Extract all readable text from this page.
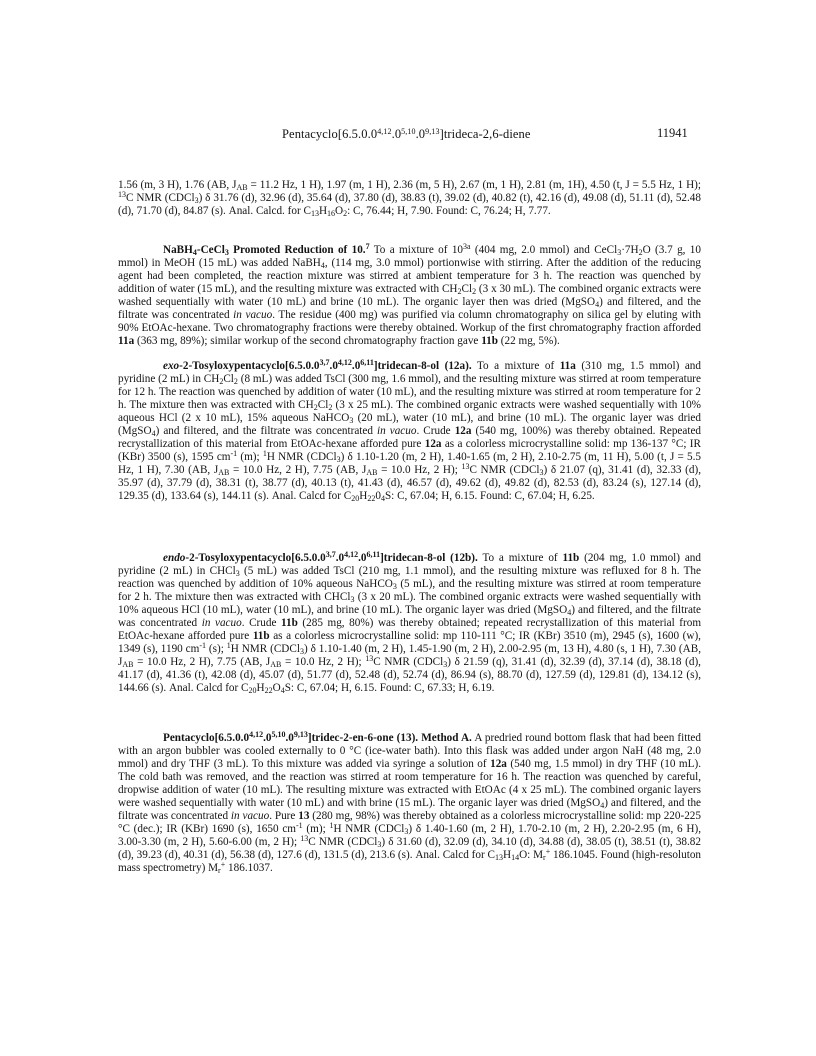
Pentacyclo[6.5.0.0$^{4,12}$.0$^{5,10}$.0$^{9,13}$]trideca-2,6-diene	11941

1.56 (m, 3 H), 1.76 (AB, $J_{AB} = 11.2$ Hz, 1 H), 1.97 (m, 1 H), 2.36 (m, 5 H), 2.67 (m, 1 H), 2.81 (m, 1H), 4.50 (t, J = 5.5 Hz, 1 H); $^{13}$C NMR (CDCl$_3$) δ 31.76 (d), 32.96 (d), 35.64 (d), 37.80 (d), 38.83 (t), 39.02 (d), 40.82 (t), 42.16 (d), 49.08 (d), 51.11 (d), 52.48 (d), 71.70 (d), 84.87 (s). Anal. Calcd. for $C_{13}H_{16}O_2$: C, 76.44; H, 7.90. Found: C, 76.24; H, 7.77.

NaBH$_4$-CeCl$_3$ Promoted Reduction of 10.$^7$ To a mixture of $10^{3a}$ (404 mg, 2.0 mmol) and $CeCl_3\cdot 7H_2O$ (3.7 g, 10 mmol) in MeOH (15 mL) was added NaBH$_4$, (114 mg, 3.0 mmol) portionwise with stirring. After the addition of the reducing agent had been completed, the reaction mixture was stirred at ambient temperature for 3 h. The reaction was quenched by addition of water (15 mL), and the resulting mixture was extracted with $CH_2Cl_2$ (3 x 30 mL). The combined organic extracts were washed sequentially with water (10 mL) and brine (10 mL). The organic layer then was dried (MgSO$_4$) and filtered, and the filtrate was concentrated in vacuo. The residue (400 mg) was purified via column chromatography on silica gel by eluting with 90% EtOAc-hexane. Two chromatography fractions were thereby obtained. Workup of the first chromatography fraction afforded 11a (363 mg, 89%); similar workup of the second chromatography fraction gave 11b (22 mg, 5%).

exo-2-Tosyloxypentacyclo[6.5.0.0$^{3,7}$.0$^{4,12}$.0$^{6,11}$]tridecan-8-ol (12a). To a mixture of 11a (310 mg, 1.5 mmol) and pyridine (2 mL) in $CH_2Cl_2$ (8 mL) was added TsCl (300 mg, 1.6 mmol), and the resulting mixture was stirred at room temperature for 12 h. The reaction was quenched by addition of water (10 mL), and the resulting mixture was stirred at room temperature for 2 h. The mixture then was extracted with $CH_2Cl_2$ (3 x 25 mL). The combined organic extracts were washed sequentially with 10% aqueous HCl (2 x 10 mL), 15% aqueous NaHCO$_3$ (20 mL), water (10 mL), and brine (10 mL). The organic layer was dried (MgSO$_4$) and filtered, and the filtrate was concentrated in vacuo. Crude 12a (540 mg, 100%) was thereby obtained. Repeated recrystallization of this material from EtOAc-hexane afforded pure 12a as a colorless microcrystalline solid: mp 136-137 °C; IR (KBr) 3500 (s), 1595 $cm^{-1}$ (m); $^1$H NMR (CDCl$_3$) δ 1.10-1.20 (m, 2 H), 1.40-1.65 (m, 2 H), 2.10-2.75 (m, 11 H), 5.00 (t, J = 5.5 Hz, 1 H), 7.30 (AB, $J_{AB} = 10.0$ Hz, 2 H), 7.75 (AB, $J_{AB} = 10.0$ Hz, 2 H); $^{13}$C NMR (CDCl$_3$) δ 21.07 (q), 31.41 (d), 32.33 (d), 35.97 (d), 37.79 (d), 38.31 (t), 38.77 (d), 40.13 (t), 41.43 (d), 46.57 (d), 49.62 (d), 49.82 (d), 82.53 (d), 83.24 (s), 127.14 (d), 129.35 (d), 133.64 (s), 144.11 (s). Anal. Calcd for $C_{20}H_{22}0_4S$: C, 67.04; H, 6.15. Found: C, 67.04; H, 6.25.

endo-2-Tosyloxypentacyclo[6.5.0.0$^{3,7}$.0$^{4,12}$.0$^{6,11}$]tridecan-8-ol (12b). To a mixture of 11b (204 mg, 1.0 mmol) and pyridine (2 mL) in CHCl$_3$ (5 mL) was added TsCl (210 mg, 1.1 mmol), and the resulting mixture was refluxed for 8 h. The reaction was quenched by addition of 10% aqueous NaHCO$_3$ (5 mL), and the resulting mixture was stirred at room temperature for 2 h. The mixture then was extracted with CHCl$_3$ (3 x 20 mL). The combined organic extracts were washed sequentially with 10% aqueous HCl (10 mL), water (10 mL), and brine (10 mL). The organic layer was dried (MgSO$_4$) and filtered, and the filtrate was concentrated in vacuo. Crude 11b (285 mg, 80%) was thereby obtained; repeated recrystallization of this material from EtOAc-hexane afforded pure 11b as a colorless microcrystalline solid: mp 110-111 °C; IR (KBr) 3510 (m), 2945 (s), 1600 (w), 1349 (s), 1190 $cm^{-1}$ (s); $^1$H NMR (CDCl$_3$) δ 1.10-1.40 (m, 2 H), 1.45-1.90 (m, 2 H), 2.00-2.95 (m, 13 H), 4.80 (s, 1 H), 7.30 (AB, $J_{AB} = 10.0$ Hz, 2 H), 7.75 (AB, $J_{AB} = 10.0$ Hz, 2 H); $^{13}$C NMR (CDCl$_3$) δ 21.59 (q), 31.41 (d), 32.39 (d), 37.14 (d), 38.18 (d), 41.17 (d), 41.36 (t), 42.08 (d), 45.07 (d), 51.77 (d), 52.48 (d), 52.74 (d), 86.94 (s), 88.70 (d), 127.59 (d), 129.81 (d), 134.12 (s), 144.66 (s). Anal. Calcd for $C_{20}H_{22}O_4S$: C, 67.04; H, 6.15. Found: C, 67.33; H, 6.19.

Pentacyclo[6.5.0.0$^{4,12}$.0$^{5,10}$.0$^{9,13}$]tridec-2-en-6-one (13). Method A. A predried round bottom flask that had been fitted with an argon bubbler was cooled externally to 0 °C (ice-water bath). Into this flask was added under argon NaH (48 mg, 2.0 mmol) and dry THF (3 mL). To this mixture was added via syringe a solution of 12a (540 mg, 1.5 mmol) in dry THF (10 mL). The cold bath was removed, and the reaction was stirred at room temperature for 16 h. The reaction was quenched by careful, dropwise addition of water (10 mL). The resulting mixture was extracted with EtOAc (4 x 25 mL). The combined organic layers were washed sequentially with water (10 mL) and with brine (15 mL). The organic layer was dried (MgSO$_4$) and filtered, and the filtrate was concentrated in vacuo. Pure 13 (280 mg, 98%) was thereby obtained as a colorless microcrystalline solid: mp 220-225 °C (dec.); IR (KBr) 1690 (s), 1650 $cm^{-1}$ (m); $^1$H NMR (CDCl$_3$) δ 1.40-1.60 (m, 2 H), 1.70-2.10 (m, 2 H), 2.20-2.95 (m, 6 H), 3.00-3.30 (m, 2 H), 5.60-6.00 (m, 2 H); $^{13}$C NMR (CDCl$_3$) δ 31.60 (d), 32.09 (d), 34.10 (d), 34.88 (d), 38.05 (t), 38.51 (t), 38.82 (d), 39.23 (d), 40.31 (d), 56.38 (d), 127.6 (d), 131.5 (d), 213.6 (s). Anal. Calcd for $C_{13}H_{14}O$: $M_r^+$ 186.1045. Found (high-resoluton mass spectrometry) $M_r^+$ 186.1037.
